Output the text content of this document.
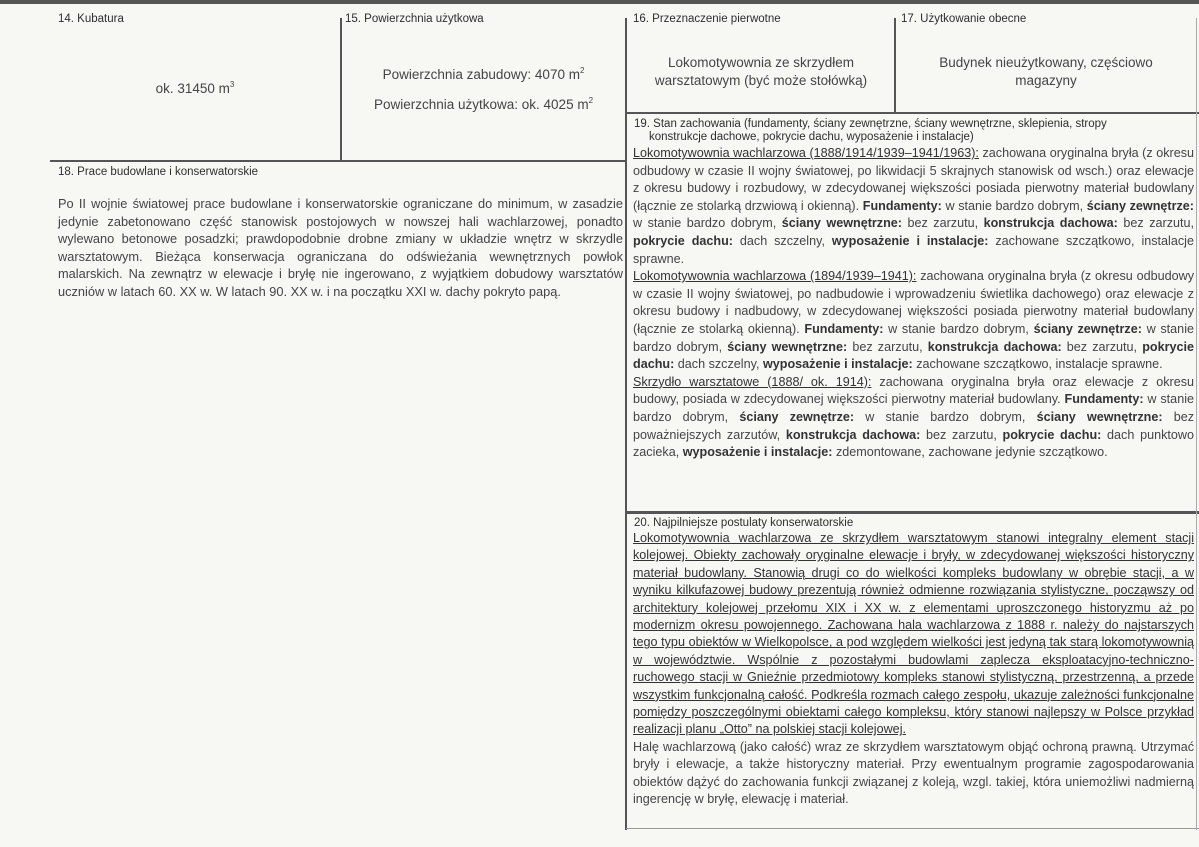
14. Kubatura
ok. 31450 $m^3$
15. Powierzchnia użytkowa
Powierzchnia zabudowy: 4070 $m^2$
Powierzchnia użytkowa: ok. 4025 $m^2$
16. Przeznaczenie pierwotne
Lokomotywownia ze skrzydłem
warsztatowym (być może stołówką)
17. Użytkowanie obecne
Budynek nieużytkowany, częściowo
magazyny
18. Prace budowlane i konserwatorskie
Po II wojnie światowej prace budowlane i konserwatorskie ograniczane do minimum, w zasadzie jedynie zabetonowano część stanowisk postojowych w nowszej hali wachlarzowej, ponadto wylewano betonowe posadzki; prawdopodobnie drobne zmiany w układzie wnętrz w skrzydle warsztatowym. Bieżąca konserwacja ograniczana do odświeżania wewnętrznych powłok malarskich. Na zewnątrz w elewacje i bryłę nie ingerowano, z wyjątkiem dobudowy warsztatów uczniów w latach 60. XX w. W latach 90. XX w. i na początku XXI w. dachy pokryto papą.
19. Stan zachowania (fundamenty, ściany zewnętrzne, ściany wewnętrzne, sklepienia, stropy
konstrukcje dachowe, pokrycie dachu, wyposażenie i instalacje)

Lokomotywownia wachlarzowa (1888/1914/1939–1941/1963): zachowana oryginalna bryła (z okresu odbudowy w czasie II wojny światowej, po likwidacji 5 skrajnych stanowisk od wsch.) oraz elewacje z okresu budowy i rozbudowy, w zdecydowanej większości posiada pierwotny materiał budowlany (łącznie ze stolarką drzwiową i okienną). Fundamenty: w stanie bardzo dobrym, ściany zewnętrze: w stanie bardzo dobrym, ściany wewnętrzne: bez zarzutu, konstrukcja dachowa: bez zarzutu, pokrycie dachu: dach szczelny, wyposażenie i instalacje: zachowane szczątkowo, instalacje sprawne.

Lokomotywownia wachlarzowa (1894/1939–1941): zachowana oryginalna bryła (z okresu odbudowy w czasie II wojny światowej, po nadbudowie i wprowadzeniu świetlika dachowego) oraz elewacje z okresu budowy i nadbudowy, w zdecydowanej większości posiada pierwotny materiał budowlany (łącznie ze stolarką okienną). Fundamenty: w stanie bardzo dobrym, ściany zewnętrze: w stanie bardzo dobrym, ściany wewnętrzne: bez zarzutu, konstrukcja dachowa: bez zarzutu, pokrycie dachu: dach szczelny, wyposażenie i instalacje: zachowane szczątkowo, instalacje sprawne.

Skrzydło warsztatowe (1888/ ok. 1914): zachowana oryginalna bryła oraz elewacje z okresu budowy, posiada w zdecydowanej większości pierwotny materiał budowlany. Fundamenty: w stanie bardzo dobrym, ściany zewnętrze: w stanie bardzo dobrym, ściany wewnętrzne: bez poważniejszych zarzutów, konstrukcja dachowa: bez zarzutu, pokrycie dachu: dach punktowo zacieka, wyposażenie i instalacje: zdemontowane, zachowane jedynie szczątkowo.

20. Najpilniejsze postulaty konserwatorskie

Lokomotywownia wachlarzowa ze skrzydłem warsztatowym stanowi integralny element stacji kolejowej. Obiekty zachowały oryginalne elewacje i bryły, w zdecydowanej większości historyczny materiał budowlany. Stanowią drugi co do wielkości kompleks budowlany w obrębie stacji, a w wyniku kilkufazowej budowy prezentują również odmienne rozwiązania stylistyczne, począwszy od architektury kolejowej przełomu XIX i XX w. z elementami uproszczonego historyzmu aż po modernizm okresu powojennego. Zachowana hala wachlarzowa z 1888 r. należy do najstarszych tego typu obiektów w Wielkopolsce, a pod względem wielkości jest jedyną tak starą lokomotywownią w województwie. Wspólnie z pozostałymi budowlami zaplecza eksploatacyjno-techniczno-ruchowego stacji w Gnieźnie przedmiotowy kompleks stanowi stylistyczną, przestrzenną, a przede wszystkim funkcjonalną całość. Podkreśla rozmach całego zespołu, ukazuje zależności funkcjonalne pomiędzy poszczególnymi obiektami całego kompleksu, który stanowi najlepszy w Polsce przykład realizacji planu „Otto” na polskiej stacji kolejowej.

Halę wachlarzową (jako całość) wraz ze skrzydłem warsztatowym objąć ochroną prawną. Utrzymać bryły i elewacje, a także historyczny materiał. Przy ewentualnym programie zagospodarowania obiektów dążyć do zachowania funkcji związanej z koleją, wzgl. takiej, która uniemożliwi nadmierną ingerencję w bryłę, elewację i materiał.
